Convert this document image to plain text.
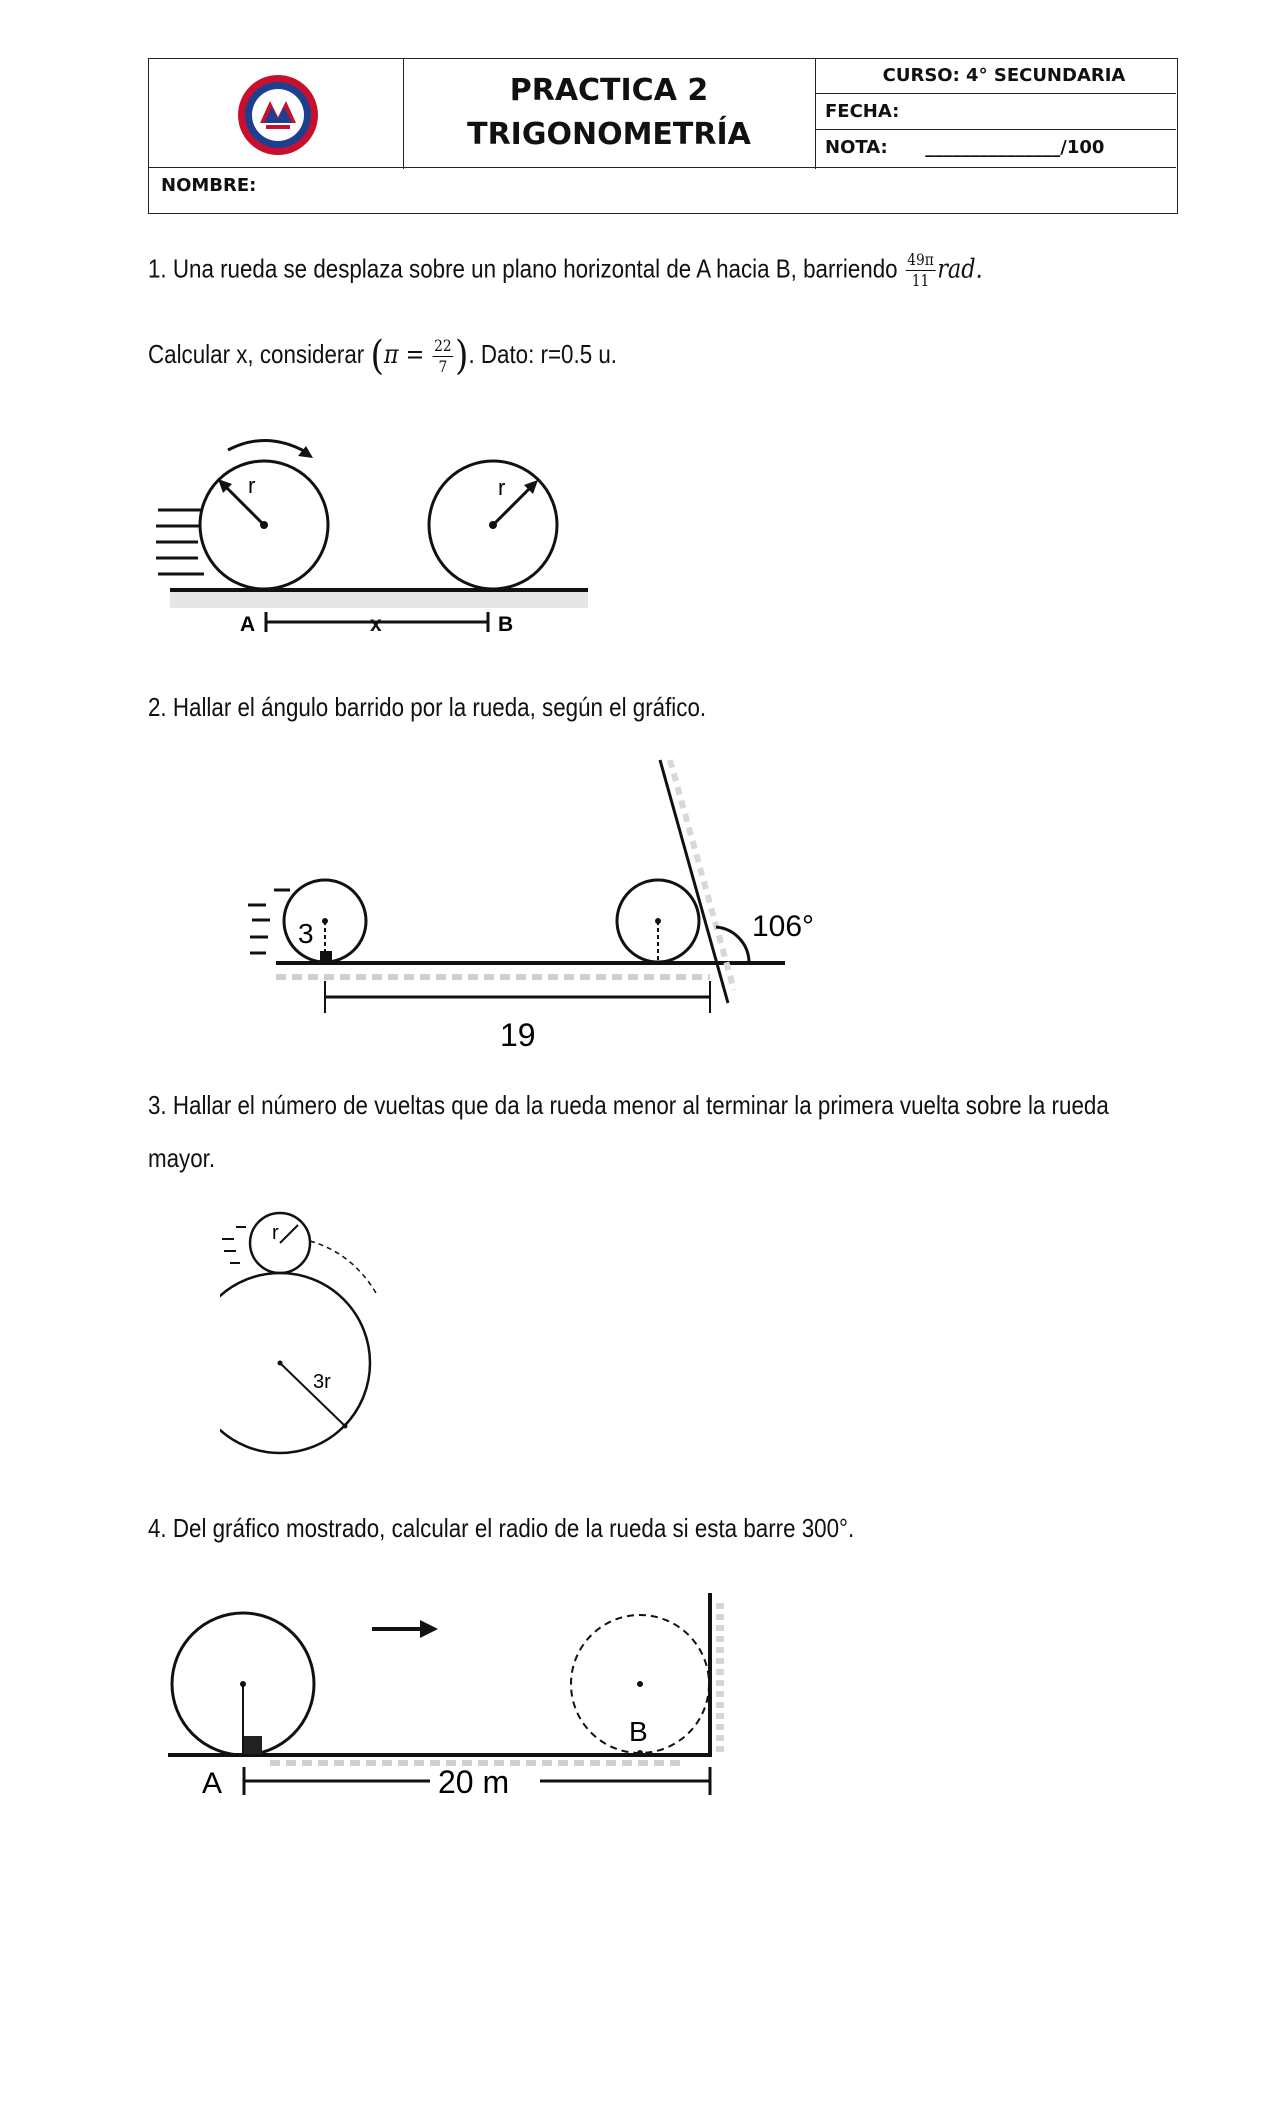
PRACTICA 2
TRIGONOMETRÍA
CURSO: 4° SECUNDARIA
FECHA:
NOTA:      _______________/100
NOMBRE:
1. Una rueda se desplaza sobre un plano horizontal de A hacia B, barriendo $\frac{49\pi}{11}$ rad.
Calcular x, considerar ($\pi = \frac{22}{7}$ ). Dato: r=0.5 u.
r	r
A	x	B
2. Hallar el ángulo barrido por la rueda, según el gráfico.
3	106°
19
3. Hallar el número de vueltas que da la rueda menor al terminar la primera vuelta sobre la rueda
mayor.
r
3r
4. Del gráfico mostrado, calcular el radio de la rueda si esta barre 300°.
B
A	20 m
